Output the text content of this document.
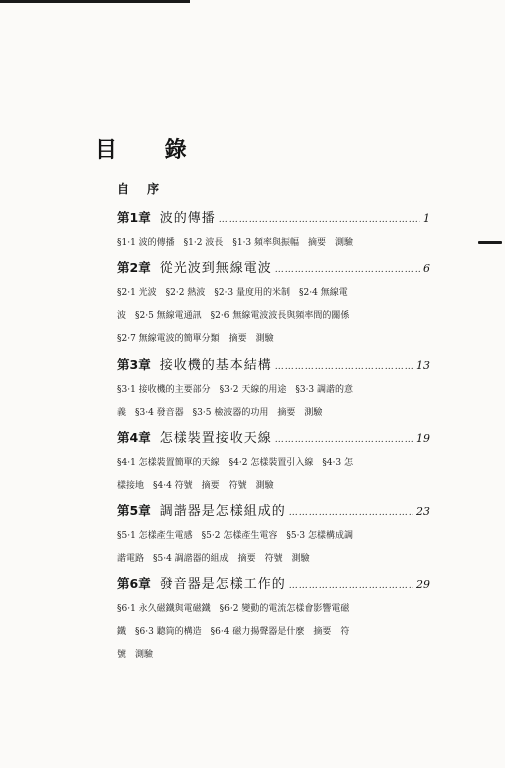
目 錄
自 序
第1章 波的傳播 ……………………………………………………………………………………………………………………	1
§1·1 波的傳播　§1·2 波長　§1·3 頻率與振幅　摘要　測驗
第2章 從光波到無線電波 ……………………………………………………………………………………………………………………	6
§2·1 光波　§2·2 熱波　§2·3 量度用的米制　§2·4 無線電
波　§2·5 無線電通訊　§2·6 無線電波波長與頻率間的關係
§2·7 無線電波的簡單分類　摘要　測驗
第3章 接收機的基本結構 ……………………………………………………………………………………………………………………	13
§3·1 接收機的主要部分　§3·2 天線的用途　§3·3 調諧的意
義　§3·4 發音器　§3·5 檢波器的功用　摘要　測驗
第4章 怎樣裝置接收天線 ……………………………………………………………………………………………………………………	19
§4·1 怎樣裝置簡單的天線　§4·2 怎樣裝置引入線　§4·3 怎
樣接地　§4·4 符號　摘要　符號　測驗
第5章 調諧器是怎樣組成的 ……………………………………………………………………………………………………………………	23
§5·1 怎樣產生電感　§5·2 怎樣產生電容　§5·3 怎樣構成調
諧電路　§5·4 調諧器的組成　摘要　符號　測驗
第6章 發音器是怎樣工作的 ……………………………………………………………………………………………………………………	29
§6·1 永久磁鐵與電磁鐵　§6·2 變動的電流怎樣會影響電磁
鐵　§6·3 聽筒的構造　§6·4 磁力揚聲器是什麼　摘要　符
號　測驗
